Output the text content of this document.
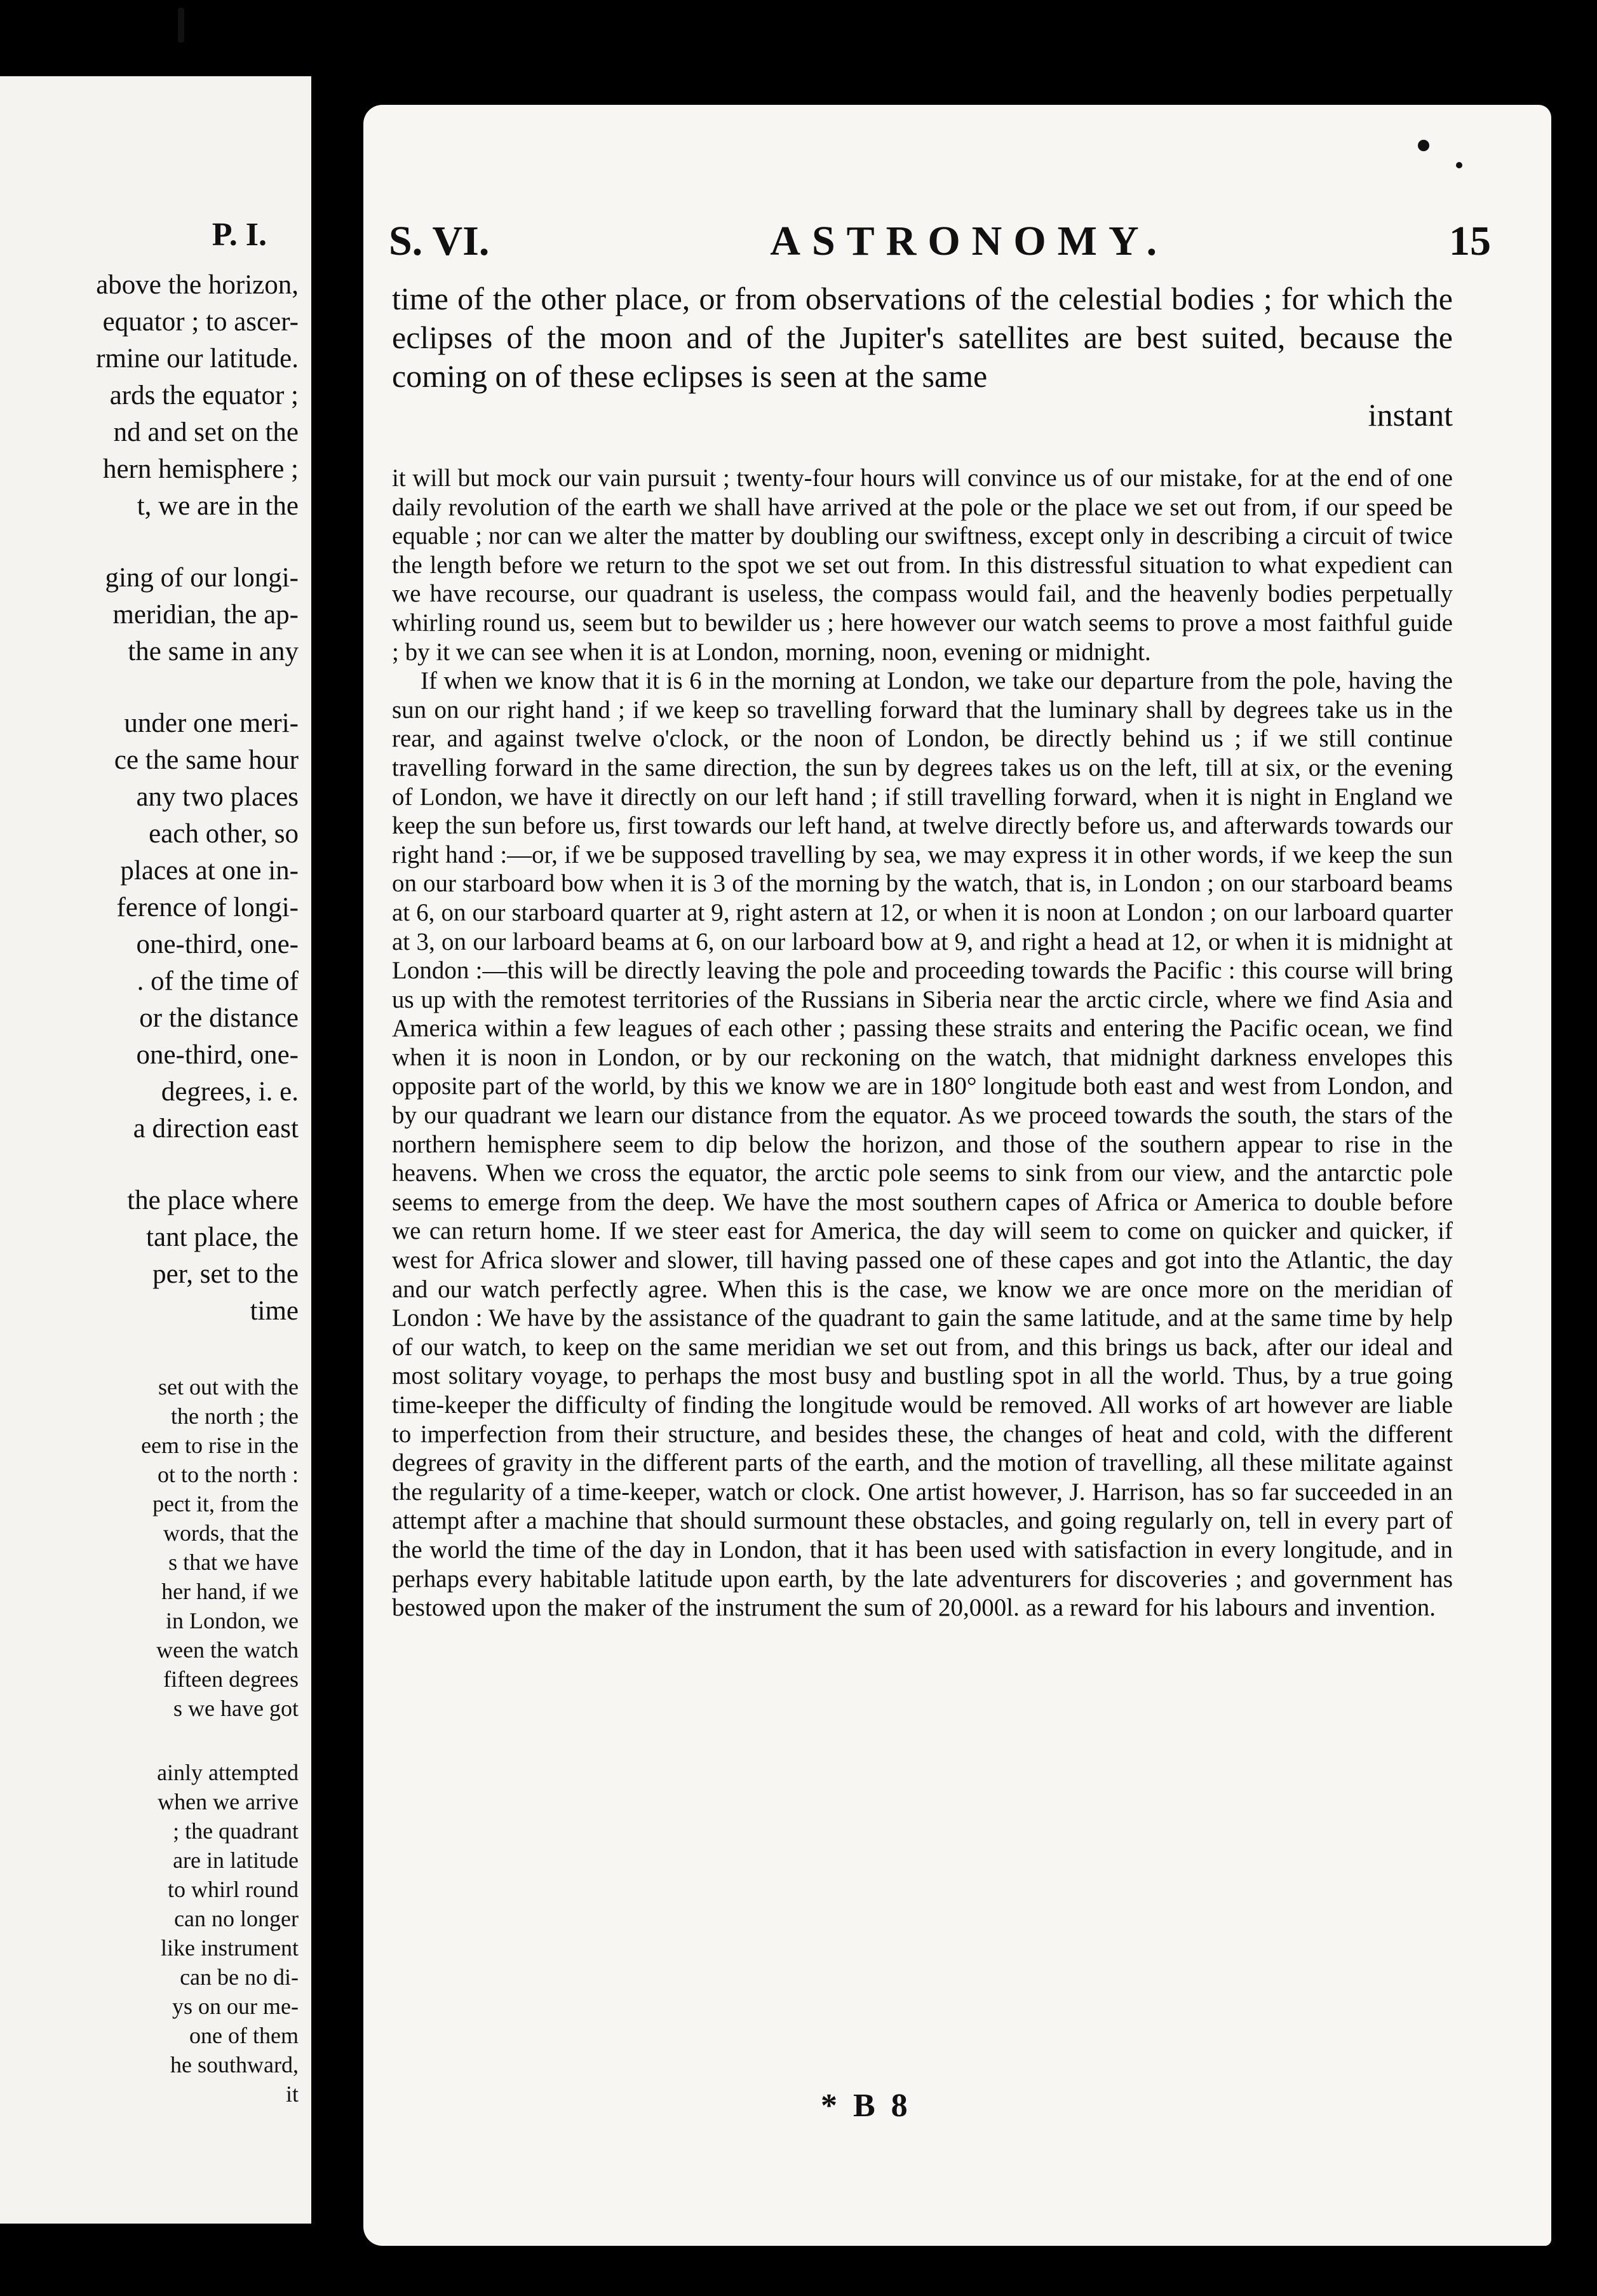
P. I.
above the horizon,
equator ; to ascer-
rmine our latitude.
ards the equator ;
nd and set on the
hern hemisphere ;
t, we are in the
ging of our longi-
meridian, the ap-
the same in any
under one meri-
ce the same hour
any two places
each other, so
places at one in-
ference of longi-
one-third, one-
. of the time of
or the distance
one-third, one-
degrees, i. e.
a direction east
the place where
tant place, the
per, set to the
time
set out with the
the north ; the
eem to rise in the
ot to the north :
pect it, from the
words, that the
s that we have
her hand, if we
in London, we
ween the watch
fifteen degrees
s we have got
ainly attempted
when we arrive
; the quadrant
are in latitude
to whirl round
can no longer
like instrument
can be no di-
ys on our me-
one of them
he southward,
it
S. VI.	ASTRONOMY.	15
time of the other place, or from observations of the celestial bodies ; for which the eclipses of the moon and of the Jupiter's satellites are best suited, because the coming on of these eclipses is seen at the same
instant

it will but mock our vain pursuit ; twenty-four hours will convince us of our mistake, for at the end of one daily revolution of the earth we shall have arrived at the pole or the place we set out from, if our speed be equable ; nor can we alter the matter by doubling our swiftness, except only in describing a circuit of twice the length before we return to the spot we set out from. In this distressful situation to what expedient can we have recourse, our quadrant is useless, the compass would fail, and the heavenly bodies perpetually whirling round us, seem but to bewilder us ; here however our watch seems to prove a most faithful guide ; by it we can see when it is at London, morning, noon, evening or midnight.

If when we know that it is 6 in the morning at London, we take our departure from the pole, having the sun on our right hand ; if we keep so travelling forward that the luminary shall by degrees take us in the rear, and against twelve o'clock, or the noon of London, be directly behind us ; if we still continue travelling forward in the same direction, the sun by degrees takes us on the left, till at six, or the evening of London, we have it directly on our left hand ; if still travelling forward, when it is night in England we keep the sun before us, first towards our left hand, at twelve directly before us, and afterwards towards our right hand :—or, if we be supposed travelling by sea, we may express it in other words, if we keep the sun on our starboard bow when it is 3 of the morning by the watch, that is, in London ; on our starboard beams at 6, on our starboard quarter at 9, right astern at 12, or when it is noon at London ; on our larboard quarter at 3, on our larboard beams at 6, on our larboard bow at 9, and right a head at 12, or when it is midnight at London :—this will be directly leaving the pole and proceeding towards the Pacific : this course will bring us up with the remotest territories of the Russians in Siberia near the arctic circle, where we find Asia and America within a few leagues of each other ; passing these straits and entering the Pacific ocean, we find when it is noon in London, or by our reckoning on the watch, that midnight darkness envelopes this opposite part of the world, by this we know we are in 180° longitude both east and west from London, and by our quadrant we learn our distance from the equator. As we proceed towards the south, the stars of the northern hemisphere seem to dip below the horizon, and those of the southern appear to rise in the heavens. When we cross the equator, the arctic pole seems to sink from our view, and the antarctic pole seems to emerge from the deep. We have the most southern capes of Africa or America to double before we can return home. If we steer east for America, the day will seem to come on quicker and quicker, if west for Africa slower and slower, till having passed one of these capes and got into the Atlantic, the day and our watch perfectly agree. When this is the case, we know we are once more on the meridian of London : We have by the assistance of the quadrant to gain the same latitude, and at the same time by help of our watch, to keep on the same meridian we set out from, and this brings us back, after our ideal and most solitary voyage, to perhaps the most busy and bustling spot in all the world. Thus, by a true going time-keeper the difficulty of finding the longitude would be removed. All works of art however are liable to imperfection from their structure, and besides these, the changes of heat and cold, with the different degrees of gravity in the different parts of the earth, and the motion of travelling, all these militate against the regularity of a time-keeper, watch or clock. One artist however, J. Harrison, has so far succeeded in an attempt after a machine that should surmount these obstacles, and going regularly on, tell in every part of the world the time of the day in London, that it has been used with satisfaction in every longitude, and in perhaps every habitable latitude upon earth, by the late adventurers for discoveries ; and government has bestowed upon the maker of the instrument the sum of 20,000l. as a reward for his labours and invention.

* B 8
